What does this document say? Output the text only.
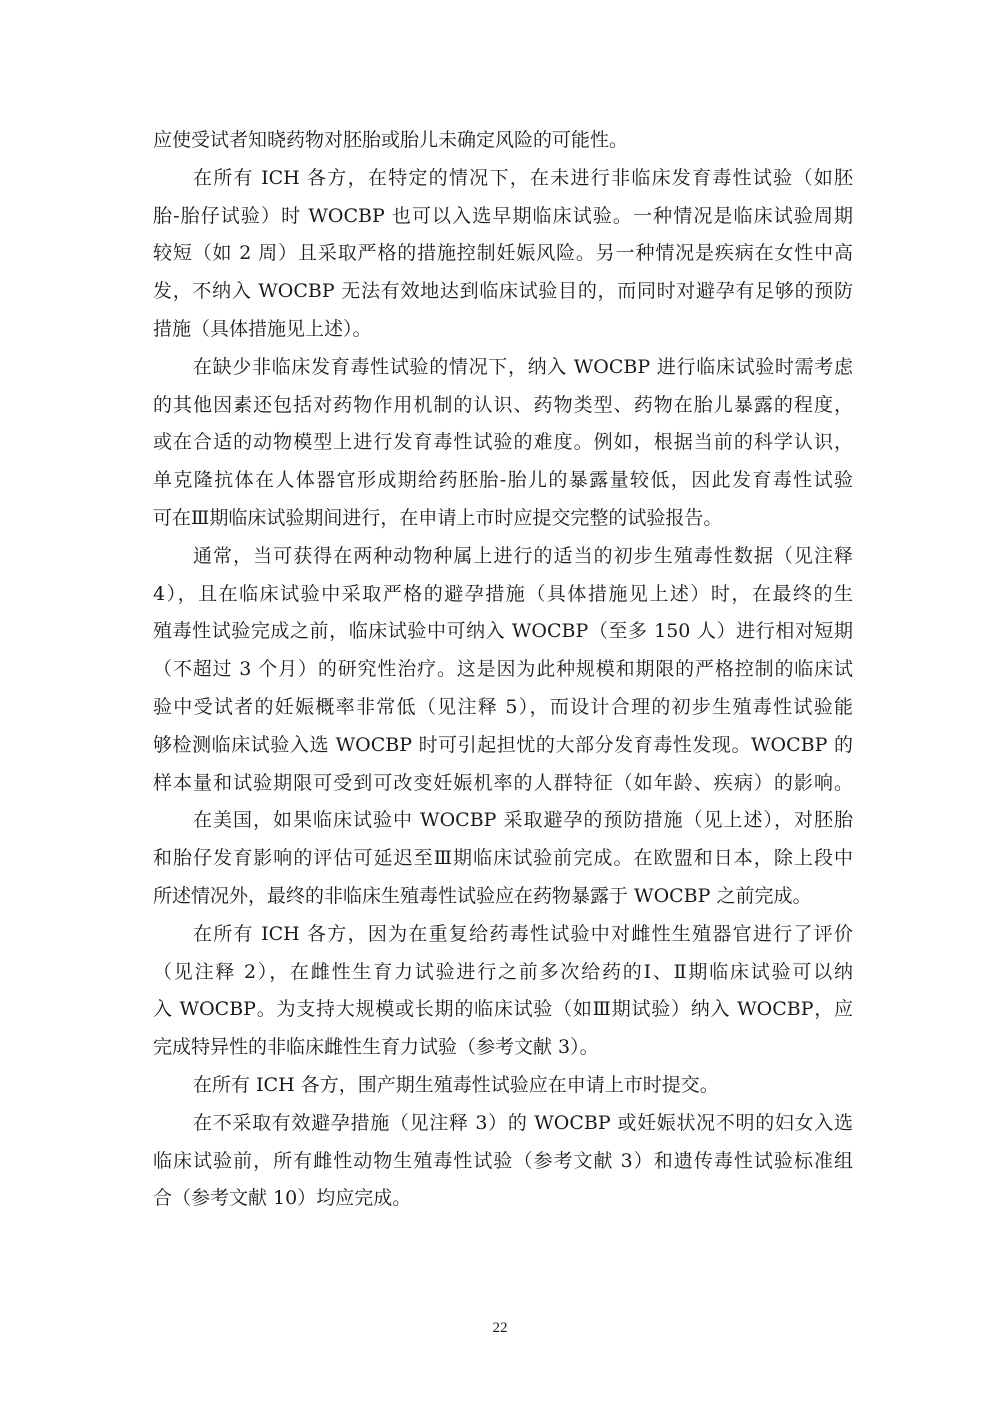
应使受试者知晓药物对胚胎或胎儿未确定风险的可能性。
在所有 ICH 各方，在特定的情况下，在未进行非临床发育毒性试验（如胚
胎-胎仔试验）时 WOCBP 也可以入选早期临床试验。一种情况是临床试验周期
较短（如 2 周）且采取严格的措施控制妊娠风险。另一种情况是疾病在女性中高
发，不纳入 WOCBP 无法有效地达到临床试验目的，而同时对避孕有足够的预防
措施（具体措施见上述）。
在缺少非临床发育毒性试验的情况下，纳入 WOCBP 进行临床试验时需考虑
的其他因素还包括对药物作用机制的认识、药物类型、药物在胎儿暴露的程度，
或在合适的动物模型上进行发育毒性试验的难度。例如，根据当前的科学认识，
单克隆抗体在人体器官形成期给药胚胎-胎儿的暴露量较低，因此发育毒性试验
可在Ⅲ期临床试验期间进行，在申请上市时应提交完整的试验报告。
通常，当可获得在两种动物种属上进行的适当的初步生殖毒性数据（见注释
4），且在临床试验中采取严格的避孕措施（具体措施见上述）时，在最终的生
殖毒性试验完成之前，临床试验中可纳入 WOCBP（至多 150 人）进行相对短期
（不超过 3 个月）的研究性治疗。这是因为此种规模和期限的严格控制的临床试
验中受试者的妊娠概率非常低（见注释 5），而设计合理的初步生殖毒性试验能
够检测临床试验入选 WOCBP 时可引起担忧的大部分发育毒性发现。WOCBP 的
样本量和试验期限可受到可改变妊娠机率的人群特征（如年龄、疾病）的影响。
在美国，如果临床试验中 WOCBP 采取避孕的预防措施（见上述），对胚胎
和胎仔发育影响的评估可延迟至Ⅲ期临床试验前完成。在欧盟和日本，除上段中
所述情况外，最终的非临床生殖毒性试验应在药物暴露于 WOCBP 之前完成。
在所有 ICH 各方，因为在重复给药毒性试验中对雌性生殖器官进行了评价
（见注释 2），在雌性生育力试验进行之前多次给药的Ⅰ、Ⅱ期临床试验可以纳
入 WOCBP。为支持大规模或长期的临床试验（如Ⅲ期试验）纳入 WOCBP，应
完成特异性的非临床雌性生育力试验（参考文献 3）。
在所有 ICH 各方，围产期生殖毒性试验应在申请上市时提交。
在不采取有效避孕措施（见注释 3）的 WOCBP 或妊娠状况不明的妇女入选
临床试验前，所有雌性动物生殖毒性试验（参考文献 3）和遗传毒性试验标准组
合（参考文献 10）均应完成。
22
